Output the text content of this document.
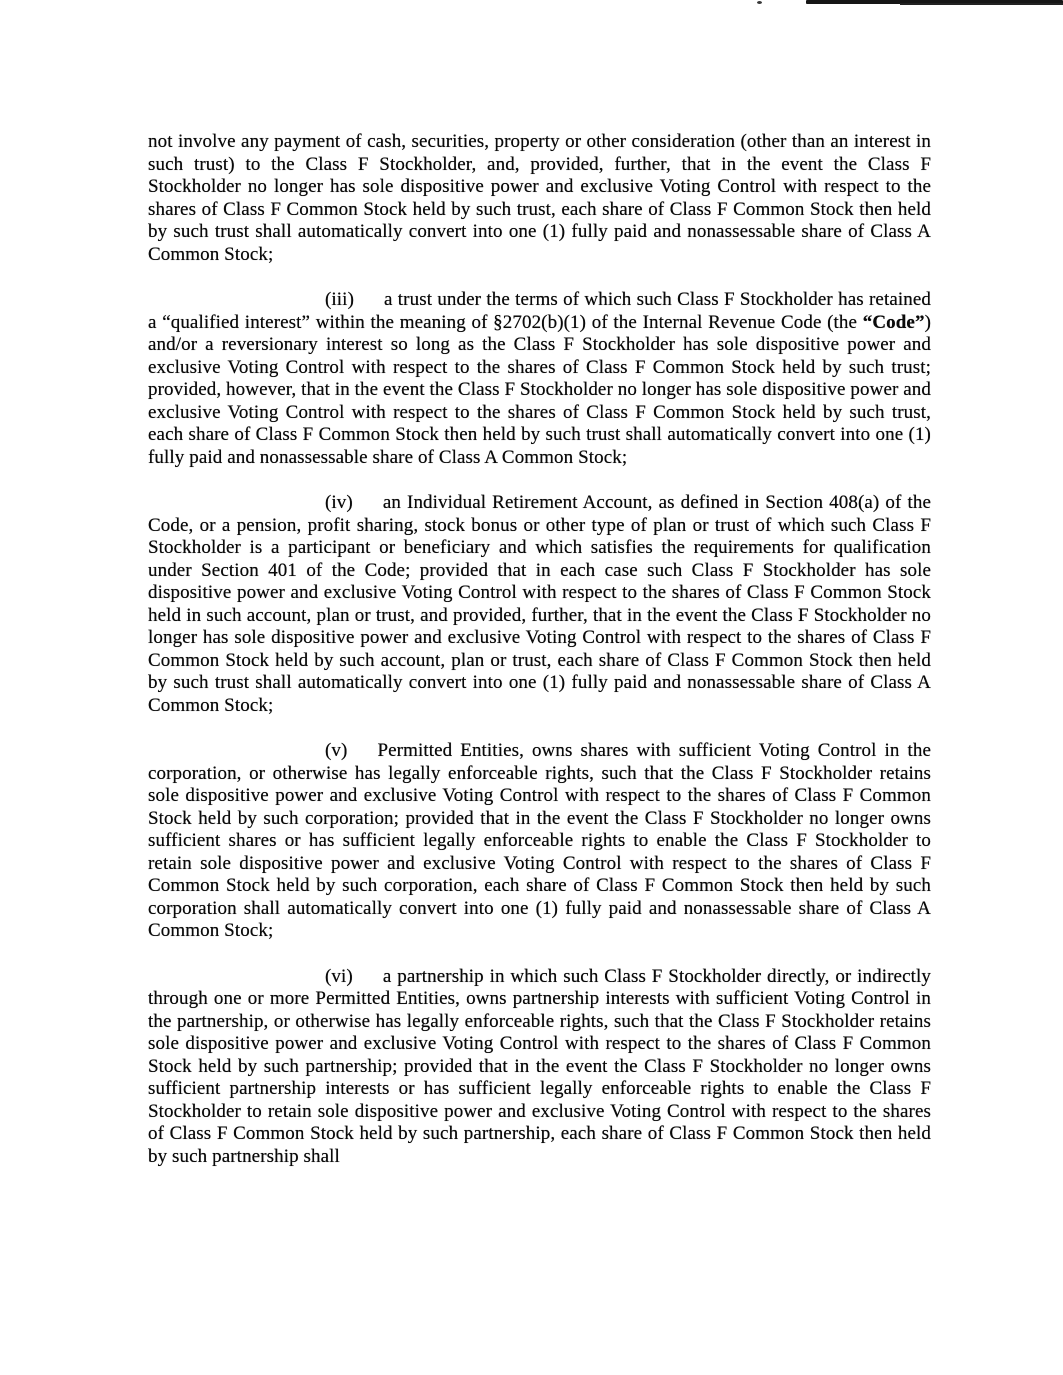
not involve any payment of cash, securities, property or other consideration (other than an interest in such trust) to the Class F Stockholder, and, provided, further, that in the event the Class F Stockholder no longer has sole dispositive power and exclusive Voting Control with respect to the shares of Class F Common Stock held by such trust, each share of Class F Common Stock then held by such trust shall automatically convert into one (1) fully paid and nonassessable share of Class A Common Stock;

(iii) a trust under the terms of which such Class F Stockholder has retained a “qualified interest” within the meaning of §2702(b)(1) of the Internal Revenue Code (the “Code”) and/or a reversionary interest so long as the Class F Stockholder has sole dispositive power and exclusive Voting Control with respect to the shares of Class F Common Stock held by such trust; provided, however, that in the event the Class F Stockholder no longer has sole dispositive power and exclusive Voting Control with respect to the shares of Class F Common Stock held by such trust, each share of Class F Common Stock then held by such trust shall automatically convert into one (1) fully paid and nonassessable share of Class A Common Stock;

(iv) an Individual Retirement Account, as defined in Section 408(a) of the Code, or a pension, profit sharing, stock bonus or other type of plan or trust of which such Class F Stockholder is a participant or beneficiary and which satisfies the requirements for qualification under Section 401 of the Code; provided that in each case such Class F Stockholder has sole dispositive power and exclusive Voting Control with respect to the shares of Class F Common Stock held in such account, plan or trust, and provided, further, that in the event the Class F Stockholder no longer has sole dispositive power and exclusive Voting Control with respect to the shares of Class F Common Stock held by such account, plan or trust, each share of Class F Common Stock then held by such trust shall automatically convert into one (1) fully paid and nonassessable share of Class A Common Stock;

(v) Permitted Entities, owns shares with sufficient Voting Control in the corporation, or otherwise has legally enforceable rights, such that the Class F Stockholder retains sole dispositive power and exclusive Voting Control with respect to the shares of Class F Common Stock held by such corporation; provided that in the event the Class F Stockholder no longer owns sufficient shares or has sufficient legally enforceable rights to enable the Class F Stockholder to retain sole dispositive power and exclusive Voting Control with respect to the shares of Class F Common Stock held by such corporation, each share of Class F Common Stock then held by such corporation shall automatically convert into one (1) fully paid and nonassessable share of Class A Common Stock;

(vi) a partnership in which such Class F Stockholder directly, or indirectly through one or more Permitted Entities, owns partnership interests with sufficient Voting Control in the partnership, or otherwise has legally enforceable rights, such that the Class F Stockholder retains sole dispositive power and exclusive Voting Control with respect to the shares of Class F Common Stock held by such partnership; provided that in the event the Class F Stockholder no longer owns sufficient partnership interests or has sufficient legally enforceable rights to enable the Class F Stockholder to retain sole dispositive power and exclusive Voting Control with respect to the shares of Class F Common Stock held by such partnership, each share of Class F Common Stock then held by such partnership shall
